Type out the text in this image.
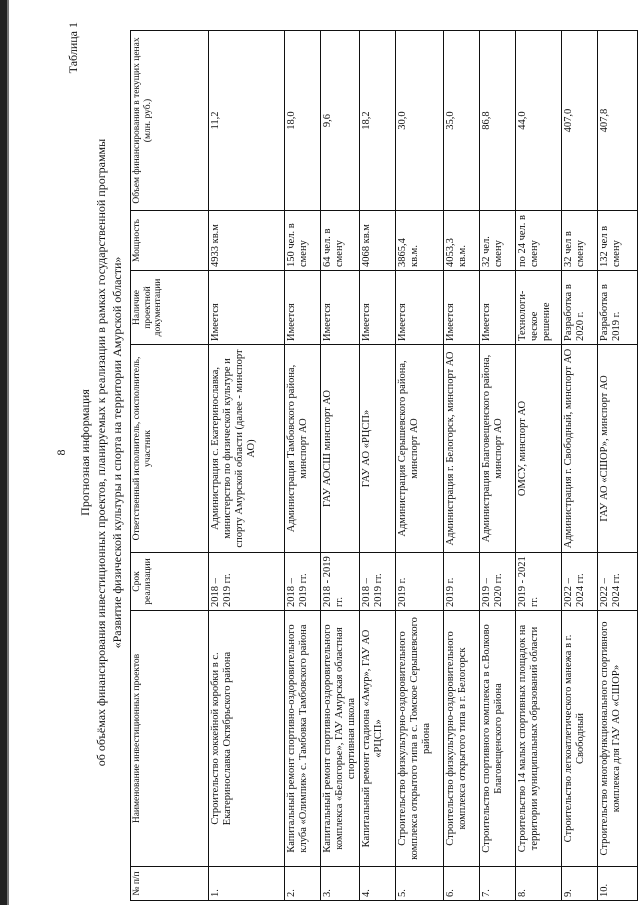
8
Таблица 1
Прогнозная информация об объёмах финансирования инвестиционных проектов, планируемых к реализации в рамках государственной программы «Развитие физической культуры и спорта на территории Амурской области»
№ п/п	Наименование инвестиционных проектов	Срок реализации	Ответственный исполнитель, соисполнитель, участник	Наличие проектной документации	Мощность	Объем финансирования в текущих ценах (млн. руб.)
1.	Строительство хоккейной коробки в с. Екатеринославка Октябрьского района	2018 – 2019 гг.	Администрация с. Екатеринославка, министерство по физической культуре и спорту Амурской области (далее - минспорт АО)	Имеется	4933 кв.м	11,2
2.	Капитальный ремонт спортивно-оздоровительного клуба «Олимпик» с. Тамбовка Тамбовского района	2018 – 2019 гг.	Администрация Тамбовского района, минспорт АО	Имеется	150 чел. в смену	18,0
3.	Капитальный ремонт спортивно-оздоровительного комплекса «Белогорье», ГАУ Амурская областная спортивная школа	2018 - 2019 гг.	ГАУ АОСШ минспорт АО	Имеется	64 чел. в смену	9,6
4.	Капитальный ремонт стадиона «Амур», ГАУ АО «РЦСП»	2018 – 2019 гг.	ГАУ АО «РЦСП»	Имеется	4068 кв.м	18,2
5.	Строительство физкультурно-оздоровительного комплекса открытого типа в с. Томское Серышевского района	2019 г.	Администрация Серышевского района, минспорт АО	Имеется	3865,4 кв.м.	30,0
6.	Строительство физкультурно-оздоровительного комплекса открытого типа в г. Белогорск	2019 г.	Администрация г. Белогорск, минспорт АО	Имеется	4053,3 кв.м.	35,0
7.	Строительство спортивного комплекса в с.Волково Благовещенского района	2019 – 2020 гг.	Администрация Благовещенского района, минспорт АО	Имеется	32 чел. смену	86,8
8.	Строительство 14 малых спортивных площадок на территории муниципальных образований области	2019 - 2021 гг.	ОМСУ, минспорт АО	Технологи-ческое решение	по 24 чел. в смену	44,0
9.	Строительство легкоатлетического манежа в г. Свободный	2022 – 2024 гг.	Администрация г. Свободный, минспорт АО	Разработка в 2020 г.	32 чел в смену	407,0
10.	Строительство многофункционального спортивного комплекса для ГАУ АО «СШОР»	2022 – 2024 гг.	ГАУ АО «СШОР», минспорт АО	Разработка в 2019 г.	132 чел в смену	407,8
